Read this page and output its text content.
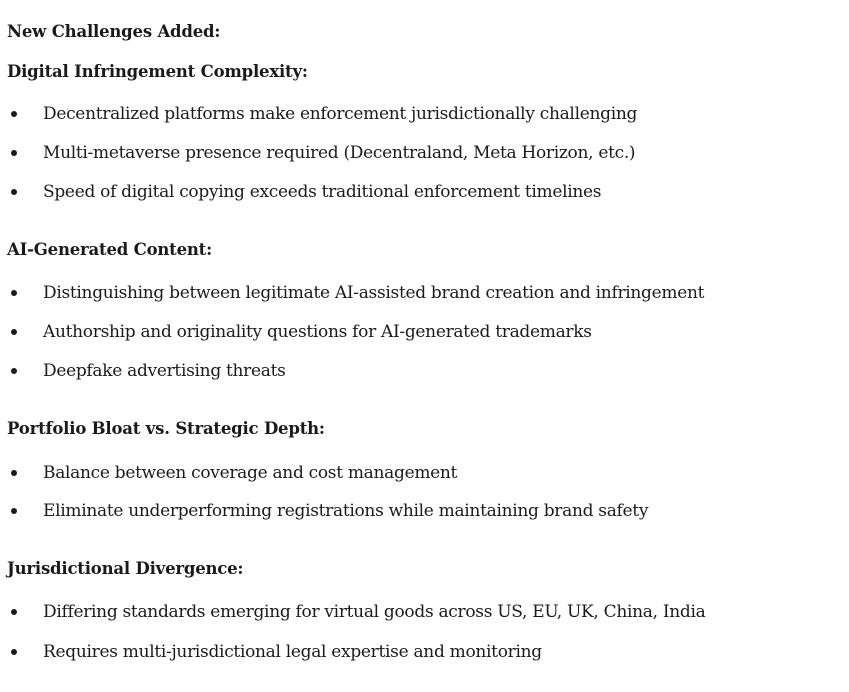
New Challenges Added:
Digital Infringement Complexity:
Decentralized platforms make enforcement jurisdictionally challenging
Multi-metaverse presence required (Decentraland, Meta Horizon, etc.)
Speed of digital copying exceeds traditional enforcement timelines
AI-Generated Content:
Distinguishing between legitimate AI-assisted brand creation and infringement
Authorship and originality questions for AI-generated trademarks
Deepfake advertising threats
Portfolio Bloat vs. Strategic Depth:
Balance between coverage and cost management
Eliminate underperforming registrations while maintaining brand safety
Jurisdictional Divergence:
Differing standards emerging for virtual goods across US, EU, UK, China, India
Requires multi-jurisdictional legal expertise and monitoring
